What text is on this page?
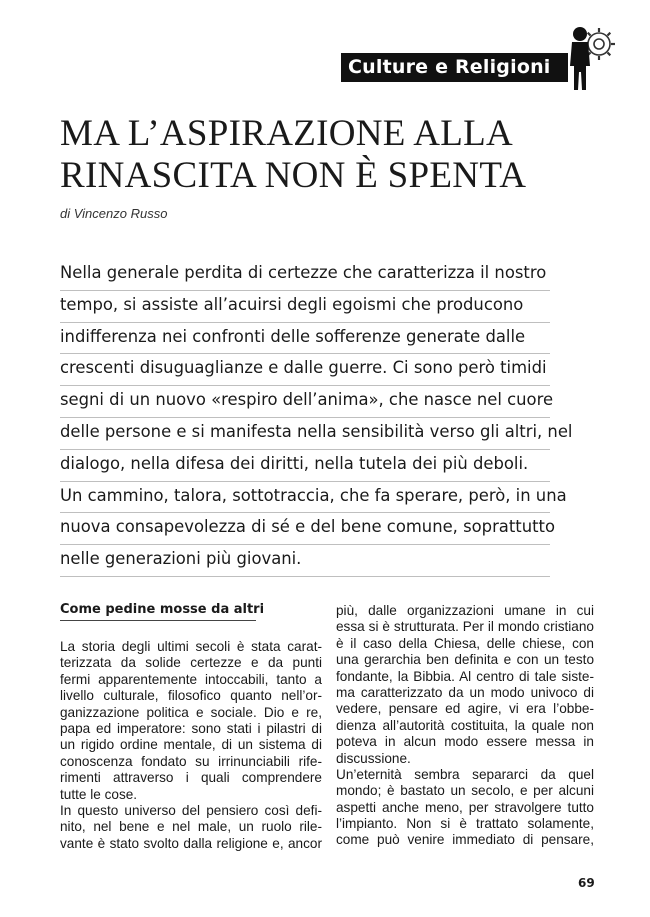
Culture e Religioni
MA L’ASPIRAZIONE ALLA
RINASCITA NON È SPENTA
di Vincenzo Russo
Nella generale perdita di certezze che caratterizza il nostro
tempo, si assiste all’acuirsi degli egoismi che producono
indifferenza nei confronti delle sofferenze generate dalle
crescenti disuguaglianze e dalle guerre. Ci sono però timidi
segni di un nuovo «respiro dell’anima», che nasce nel cuore
delle persone e si manifesta nella sensibilità verso gli altri, nel
dialogo, nella difesa dei diritti, nella tutela dei più deboli.
Un cammino, talora, sottotraccia, che fa sperare, però, in una
nuova consapevolezza di sé e del bene comune, soprattutto
nelle generazioni più giovani.
Come pedine mosse da altri
La storia degli ultimi secoli è stata carat-
terizzata da solide certezze e da punti
fermi apparentemente intoccabili, tanto a
livello culturale, filosofico quanto nell’or-
ganizzazione politica e sociale. Dio e re,
papa ed imperatore: sono stati i pilastri di
un rigido ordine mentale, di un sistema di
conoscenza fondato su irrinunciabili rife-
rimenti attraverso i quali comprendere
tutte le cose.
In questo universo del pensiero così defi-
nito, nel bene e nel male, un ruolo rile-
vante è stato svolto dalla religione e, ancor
più, dalle organizzazioni umane in cui
essa si è strutturata. Per il mondo cristiano
è il caso della Chiesa, delle chiese, con
una gerarchia ben definita e con un testo
fondante, la Bibbia. Al centro di tale siste-
ma caratterizzato da un modo univoco di
vedere, pensare ed agire, vi era l’obbe-
dienza all’autorità costituita, la quale non
poteva in alcun modo essere messa in
discussione.
Un’eternità sembra separarci da quel
mondo; è bastato un secolo, e per alcuni
aspetti anche meno, per stravolgere tutto
l’impianto. Non si è trattato solamente,
come può venire immediato di pensare,
69
